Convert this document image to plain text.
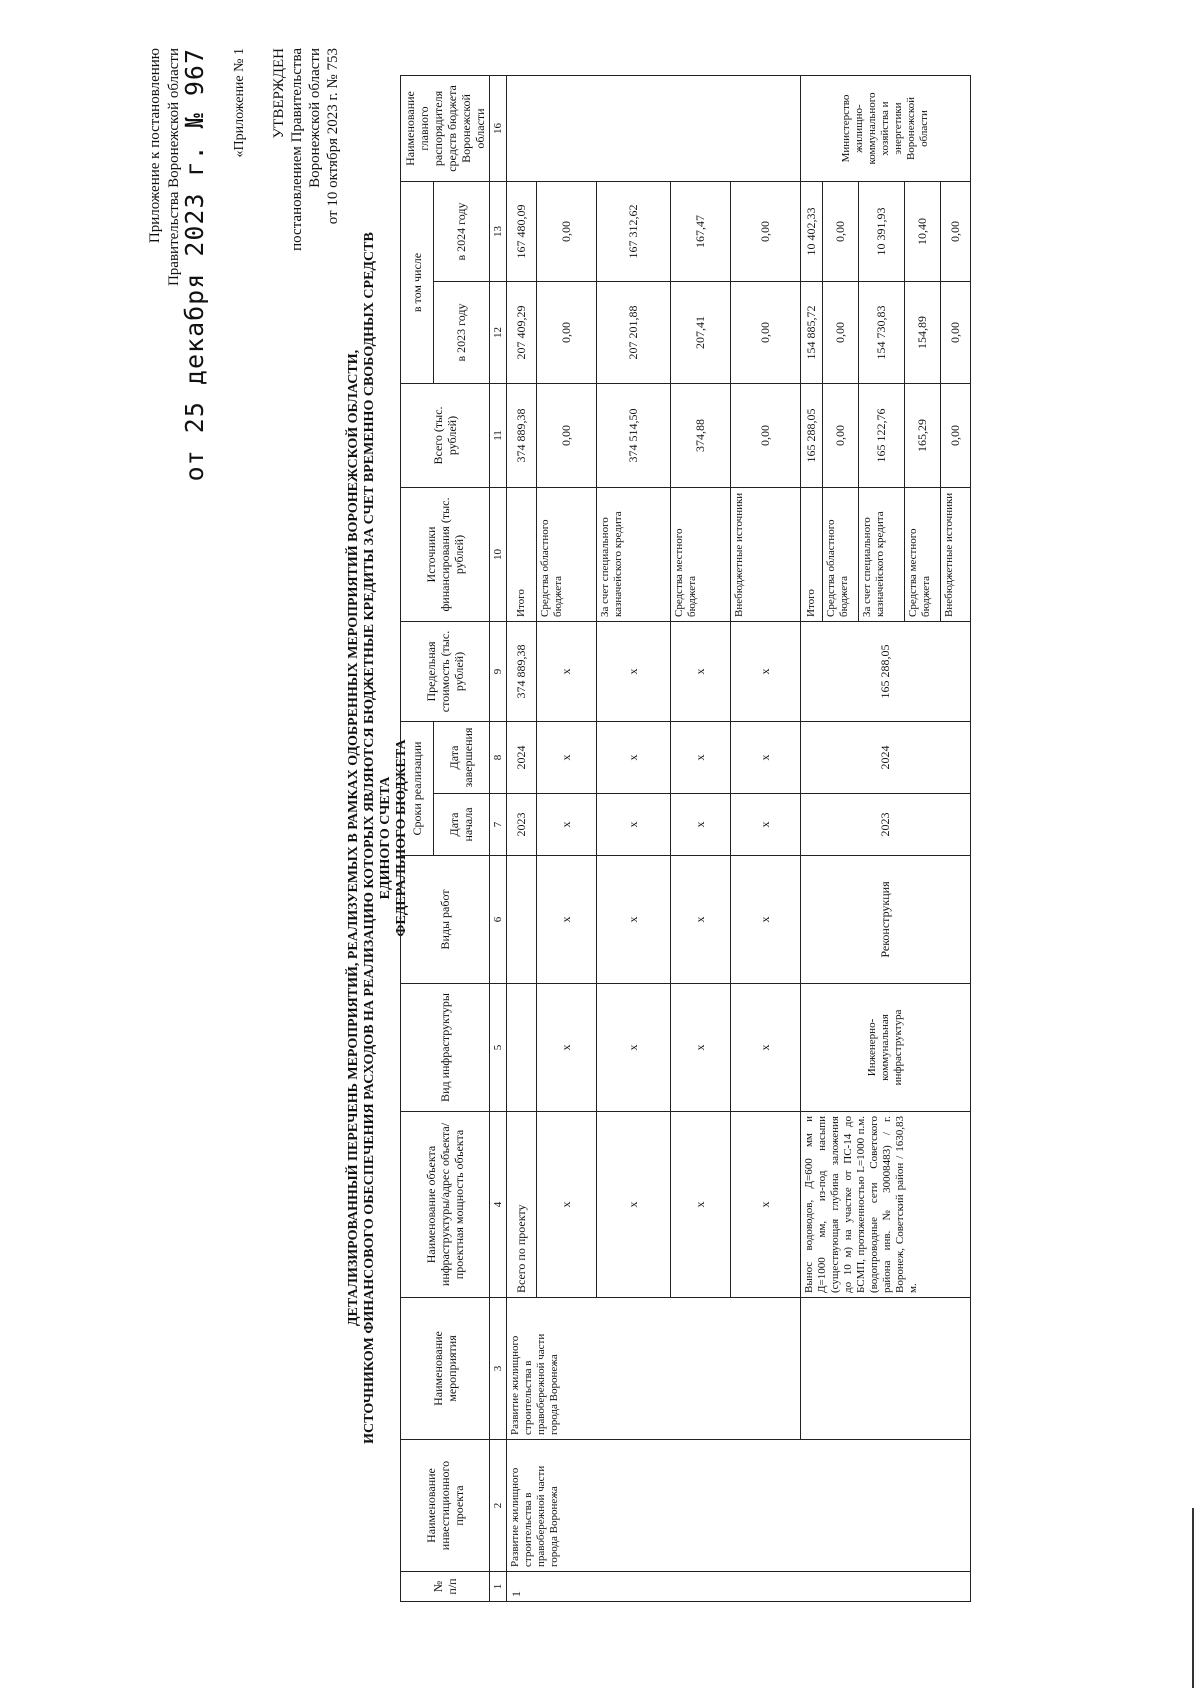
Приложение к постановлению Правительства Воронежской области
от 25 декабря 2023 г. № 967 «Приложение № 1 УТВЕРЖДЕН постановлением Правительства Воронежской области от 10 октября 2023 г. № 753
ДЕТАЛИЗИРОВАННЫЙ ПЕРЕЧЕНЬ МЕРОПРИЯТИЙ, РЕАЛИЗУЕМЫХ В РАМКАХ ОДОБРЕННЫХ МЕРОПРИЯТИЙ ВОРОНЕЖСКОЙ ОБЛАСТИ, ИСТОЧНИКОМ ФИНАНСОВОГО ОБЕСПЕЧЕНИЯ РАСХОДОВ НА РЕАЛИЗАЦИЮ КОТОРЫХ ЯВЛЯЮТСЯ БЮДЖЕТНЫЕ КРЕДИТЫ ЗА СЧЕТ ВРЕМЕННО СВОБОДНЫХ СРЕДСТВ ЕДИНОГО СЧЕТА ФЕДЕРАЛЬНОГО БЮДЖЕТА
№ п/п	Наименование инвестиционного проекта	Наименование мероприятия	Наименование объекта инфраструктуры/адрес объекта/проектная мощность объекта	Вид инфраструктуры	Виды работ	Сроки реализации		Предельная стоимость (тыс. рублей)	Источники финансирования (тыс. рублей)	Всего (тыс. рублей)	в том числе		Наименование главного распорядителя средств бюджета Воронежской области
						Дата начала	Дата завершения				в 2023 году	в 2024 году	
1	2	3	4	5	6	7	8	9	10	11	12	13	16
1	Развитие жилищного строительства в правобережной части города Воронежа	Развитие жилищного строительства в правобережной части города Воронежа	Всего по проекту			2023	2024	374 889,38	Итого	374 889,38	207 409,29	167 480,09	
			х	х	х	х	х	х	Средства областного бюджета	0,00	0,00	0,00	
			х	х	х	х	х	х	За счет специального казначейского кредита	374 514,50	207 201,88	167 312,62	
			х	х	х	х	х	х	Средства местного бюджета	374,88	207,41	167,47	
			х	х	х	х	х	х	Внебюджетные источники	0,00	0,00	0,00	
			Вынос водоводов, Д=600 мм и Д=1000 мм, из-под насыпи (существующая глубина заложения до 10 м) на участке от ПС-14 до БСМП, протяженностью L=1000 п.м. (водопроводные сети Советского района инв. № 30008483) / г. Воронеж, Советский район / 1630,83 м.	Инженерно-коммунальная инфраструктура	Реконструкция	2023	2024	165 288,05	Итого	165 288,05	154 885,72	10 402,33	Министерство жилищно-коммунального хозяйства и энергетики Воронежской области
									Средства областного бюджета	0,00	0,00	0,00	
									За счет специального казначейского кредита	165 122,76	154 730,83	10 391,93	
									Средства местного бюджета	165,29	154,89	10,40	
									Внебюджетные источники	0,00	0,00	0,00	
